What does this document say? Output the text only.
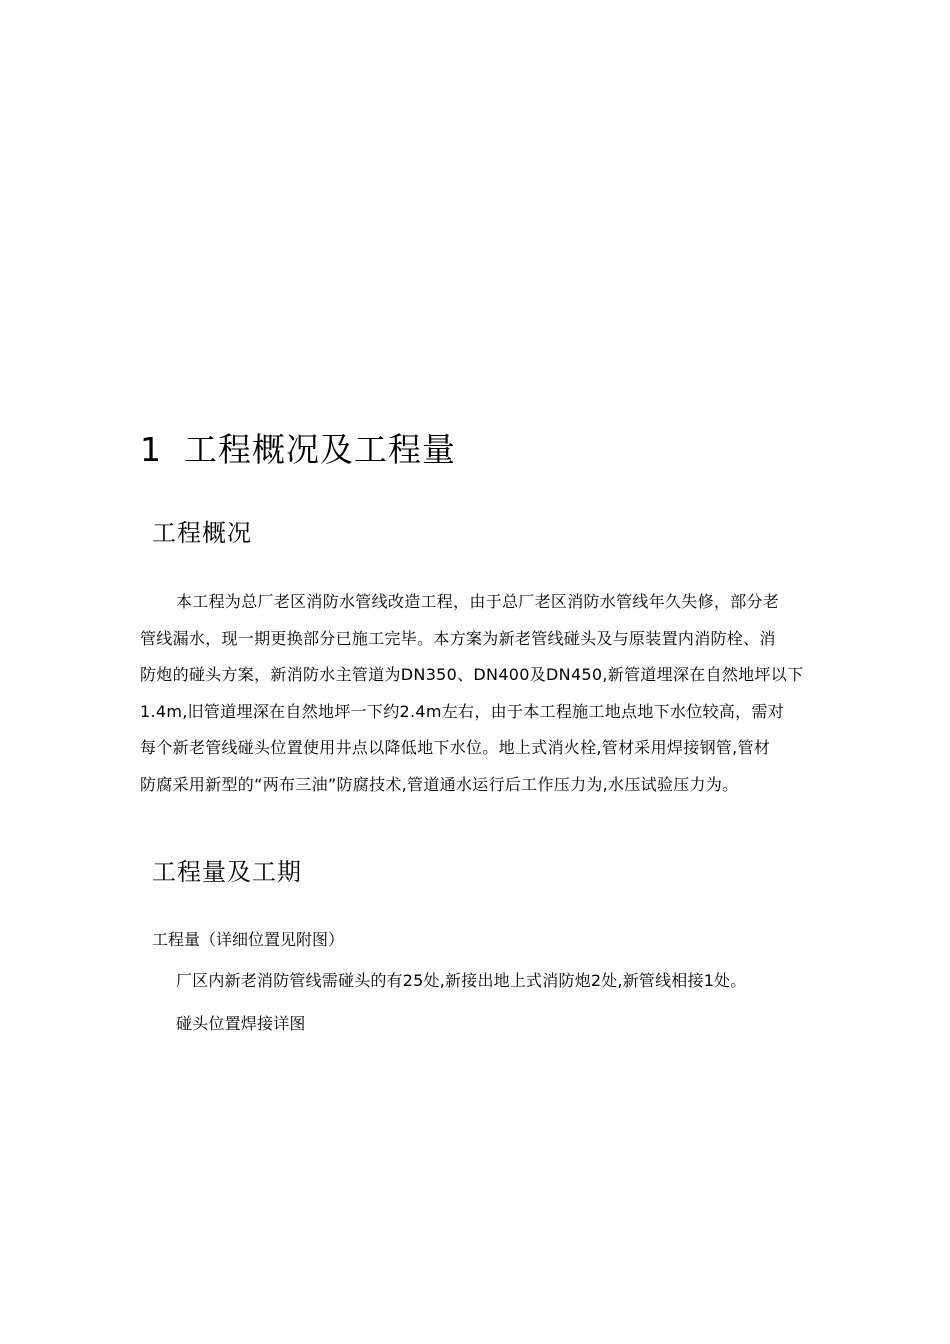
1 工程概况及工程量
工程概况
本工程为总厂老区消防水管线改造工程，由于总厂老区消防水管线年久失修，部分老
管线漏水，现一期更换部分已施工完毕。本方案为新老管线碰头及与原装置内消防栓、消
防炮的碰头方案，新消防水主管道为DN350、DN400及DN450,新管道埋深在自然地坪以下
1.4m,旧管道埋深在自然地坪一下约2.4m左右，由于本工程施工地点地下水位较高，需对
每个新老管线碰头位置使用井点以降低地下水位。地上式消火栓,管材采用焊接钢管,管材
防腐采用新型的“两布三油”防腐技术,管道通水运行后工作压力为,水压试验压力为。
工程量及工期
工程量（详细位置见附图）
厂区内新老消防管线需碰头的有25处,新接出地上式消防炮2处,新管线相接1处。
碰头位置焊接详图
